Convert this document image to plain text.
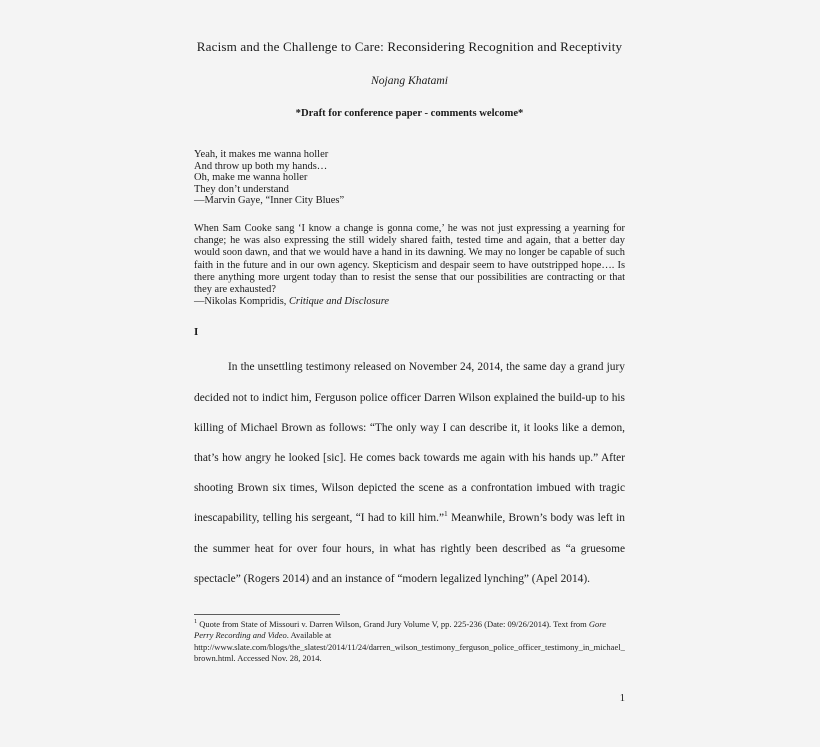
Racism and the Challenge to Care: Reconsidering Recognition and Receptivity

Nojang Khatami

*Draft for conference paper - comments welcome*

Yeah, it makes me wanna holler
And throw up both my hands…
Oh, make me wanna holler
They don’t understand
—Marvin Gaye, “Inner City Blues”
When Sam Cooke sang ‘I know a change is gonna come,’ he was not just expressing a yearning for change; he was also expressing the still widely shared faith, tested time and again, that a better day would soon dawn, and that we would have a hand in its dawning. We may no longer be capable of such faith in the future and in our own agency. Skepticism and despair seem to have outstripped hope…. Is there anything more urgent today than to resist the sense that our possibilities are contracting or that they are exhausted?
—Nikolas Kompridis, Critique and Disclosure
I

In the unsettling testimony released on November 24, 2014, the same day a grand jury decided not to indict him, Ferguson police officer Darren Wilson explained the build-up to his killing of Michael Brown as follows: “The only way I can describe it, it looks like a demon, that’s how angry he looked [sic]. He comes back towards me again with his hands up.” After shooting Brown six times, Wilson depicted the scene as a confrontation imbued with tragic inescapability, telling his sergeant, “I had to kill him.”$^1$ Meanwhile, Brown’s body was left in the summer heat for over four hours, in what has rightly been described as “a gruesome spectacle” (Rogers 2014) and an instance of “modern legalized lynching” (Apel 2014).

$^1$ Quote from State of Missouri v. Darren Wilson, Grand Jury Volume V, pp. 225-236 (Date: 09/26/2014). Text from Gore Perry Recording and Video. Available at http://www.slate.com/blogs/the_slatest/2014/11/24/darren_wilson_testimony_ferguson_police_officer_testimony_in_michael_brown.html. Accessed Nov. 28, 2014.

1
